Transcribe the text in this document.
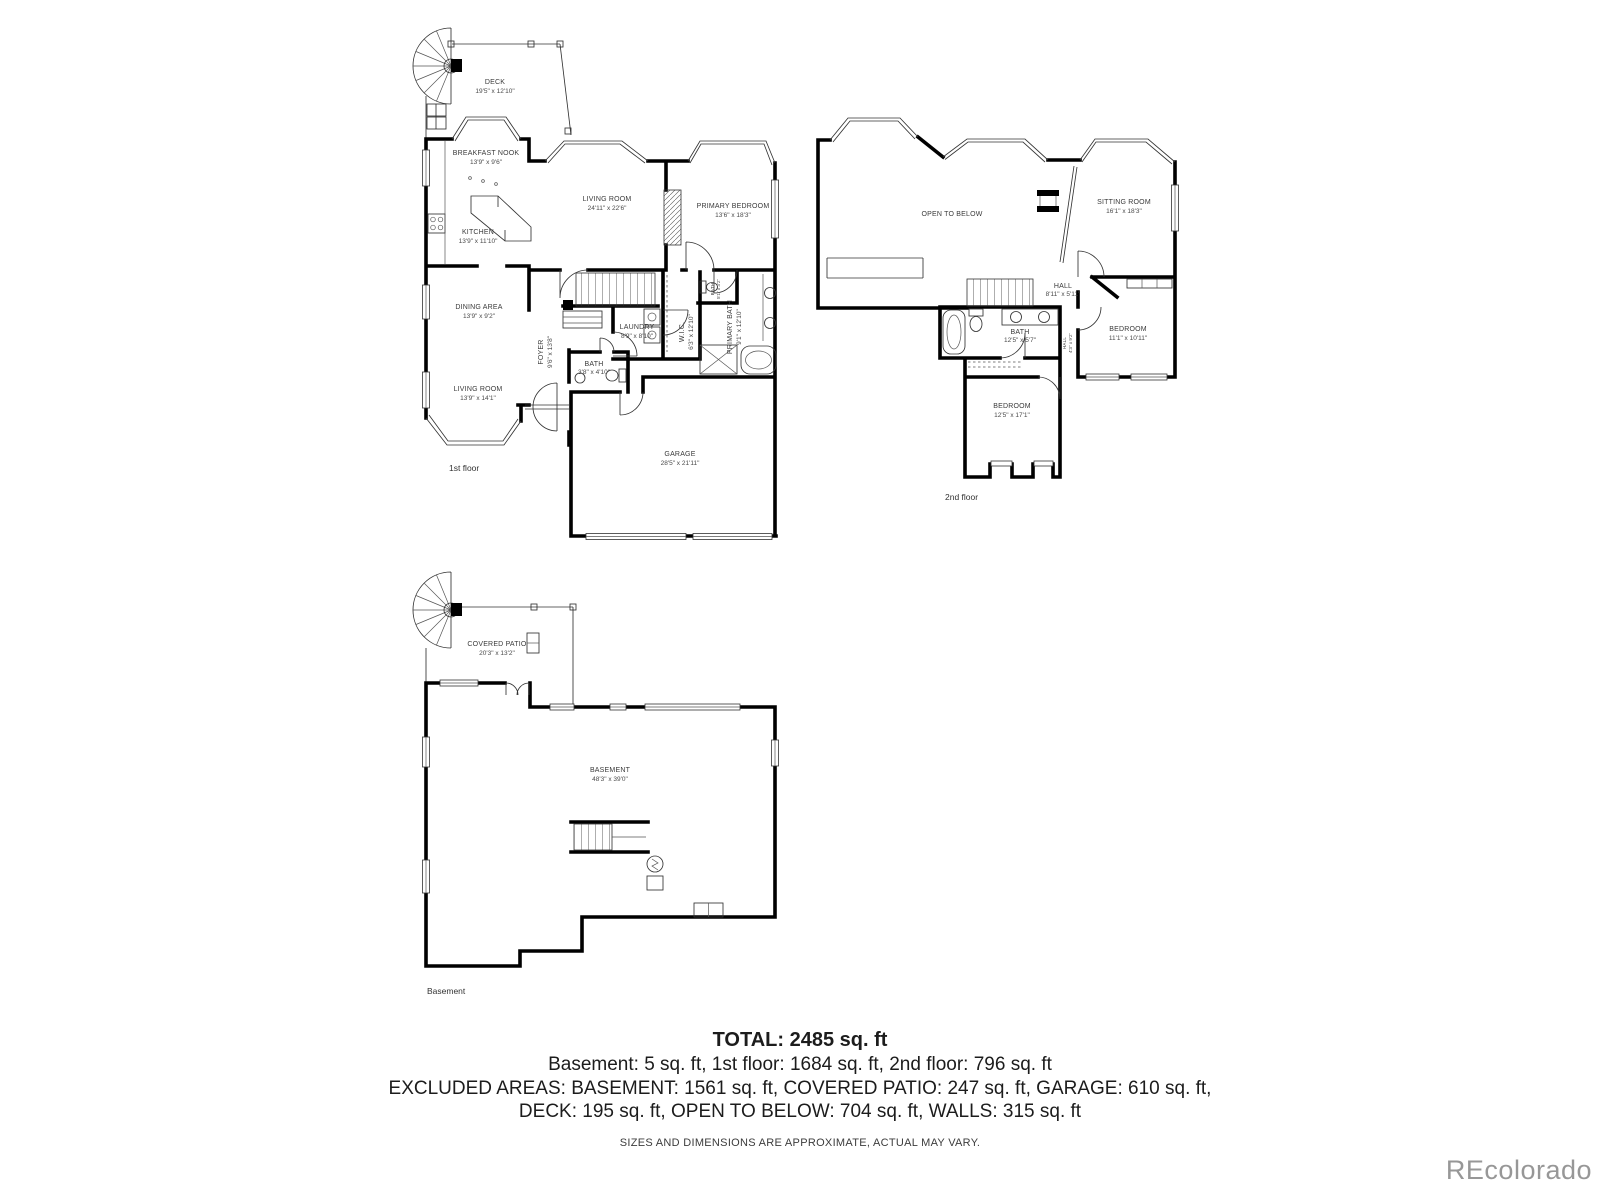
DECK
19'5" x 12'10"
BREAKFAST NOOK
13'9" x 9'6"
LIVING ROOM
24'11" x 22'6"	PRIMARY BEDROOM
13'6" x 18'3"
KITCHEN
13'9" x 11'10"
DINING AREA
13'9" x 9'2"
FOYER 9'6" x 13'8"
LAUNDRY
8'9" x 8'10"	W.I.C. 6'3" x 12'10"
BATH 5'1" x 3'2"
PRIMARY BATH 9'1" x 12'10"
BATH
3'8" x 4'10"
LIVING ROOM
13'9" x 14'1"
GARAGE
28'5" x 21'11"
1st floor
OPEN TO BELOW
SITTING ROOM
16'1" x 18'3"
HALL
8'11" x 5'11"
BATH
12'5" x 5'7"	HALL 4'3" x 9'2"
BEDROOM
11'1" x 10'11"
BEDROOM
12'5" x 17'1"
2nd floor
COVERED PATIO
20'3" x 13'2"
BASEMENT
48'3" x 39'0"
Basement
TOTAL: 2485 sq. ft
Basement: 5 sq. ft, 1st floor: 1684 sq. ft, 2nd floor: 796 sq. ft
EXCLUDED AREAS: BASEMENT: 1561 sq. ft, COVERED PATIO: 247 sq. ft, GARAGE: 610 sq. ft,
DECK: 195 sq. ft, OPEN TO BELOW: 704 sq. ft, WALLS: 315 sq. ft
SIZES AND DIMENSIONS ARE APPROXIMATE, ACTUAL MAY VARY.
REcolorado
